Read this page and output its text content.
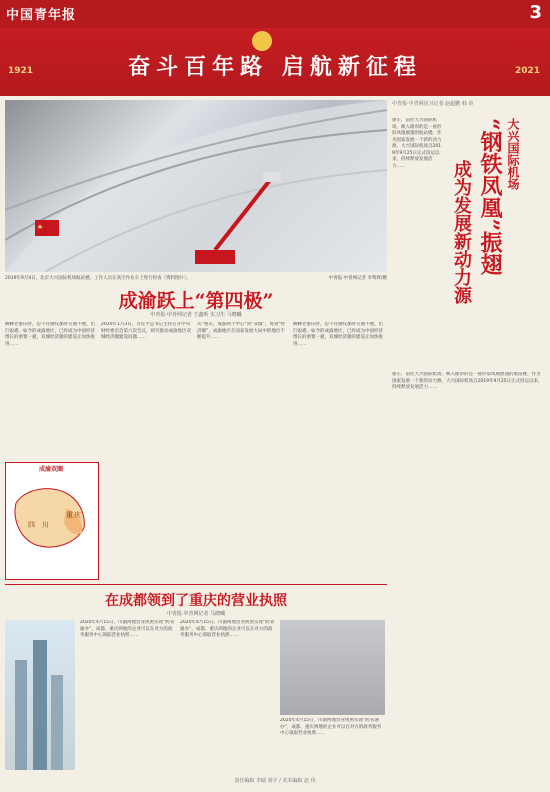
中国青年报	3
1921	2021
奋斗百年路 启航新征程
2019年9月4日，北京大兴国际机场航站楼，工作人员在高空作业车上进行检查（资料图片）。	中青报·中青网记者 李隽辉/摄
成渝跃上“第四极”
中青报·中青网记者 王鑫昕 实习生 马晓曦
聊聊老重庆时，忍不住感叹那时交通不便、出行艰难。如今的成渝地区，已经成为中国经济增长的重要一极，双城经济圈的建设正加快推进……
2020年1月3日，习近平总书记主持召开中央财经委员会第六次会议，研究推动成渝地区双城经济圈建设问题……
从“重庆、成都两个中心”到“双城”，再到“经济圈”，成渝地区在国家发展大局中的地位不断提升……
聊聊老重庆时，忍不住感叹那时交通不便、出行艰难。如今的成渝地区，已经成为中国经济增长的重要一极，双城经济圈的建设正加快推进……
成渝双圈
四 川
重 庆
在成都领到了重庆的营业执照
中青报·中青网记者 马晓曦
2020年4月15日，川渝两地营业执照实现“跨省通办”，成都、重庆两地的企业可以在对方的政务服务中心领取营业执照……
2020年4月15日，川渝两地营业执照实现“跨省通办”，成都、重庆两地的企业可以在对方的政务服务中心领取营业执照……
2020年4月15日，川渝两地营业执照实现“跨省通办”，成都、重庆两地的企业可以在对方的政务服务中心领取营业执照……
中青报·中青网见习记者 赵超鹏 韩 章
大兴国际机场
“钢铁凤凰”振翅
成为发展新动力源
驱车，前往大兴国际机场，映入眼帘的是一座形似凤凰展翅的航站楼。作为国家发展一个新的动力源，大兴国际机场自2019年9月25日正式投运以来，持续释放发展活力……
驱车，前往大兴国际机场，映入眼帘的是一座形似凤凰展翅的航站楼。作为国家发展一个新的动力源，大兴国际机场自2019年9月25日正式投运以来，持续释放发展活力……
责任编辑 李硕 刘宇 / 美术编辑 赵 伟
